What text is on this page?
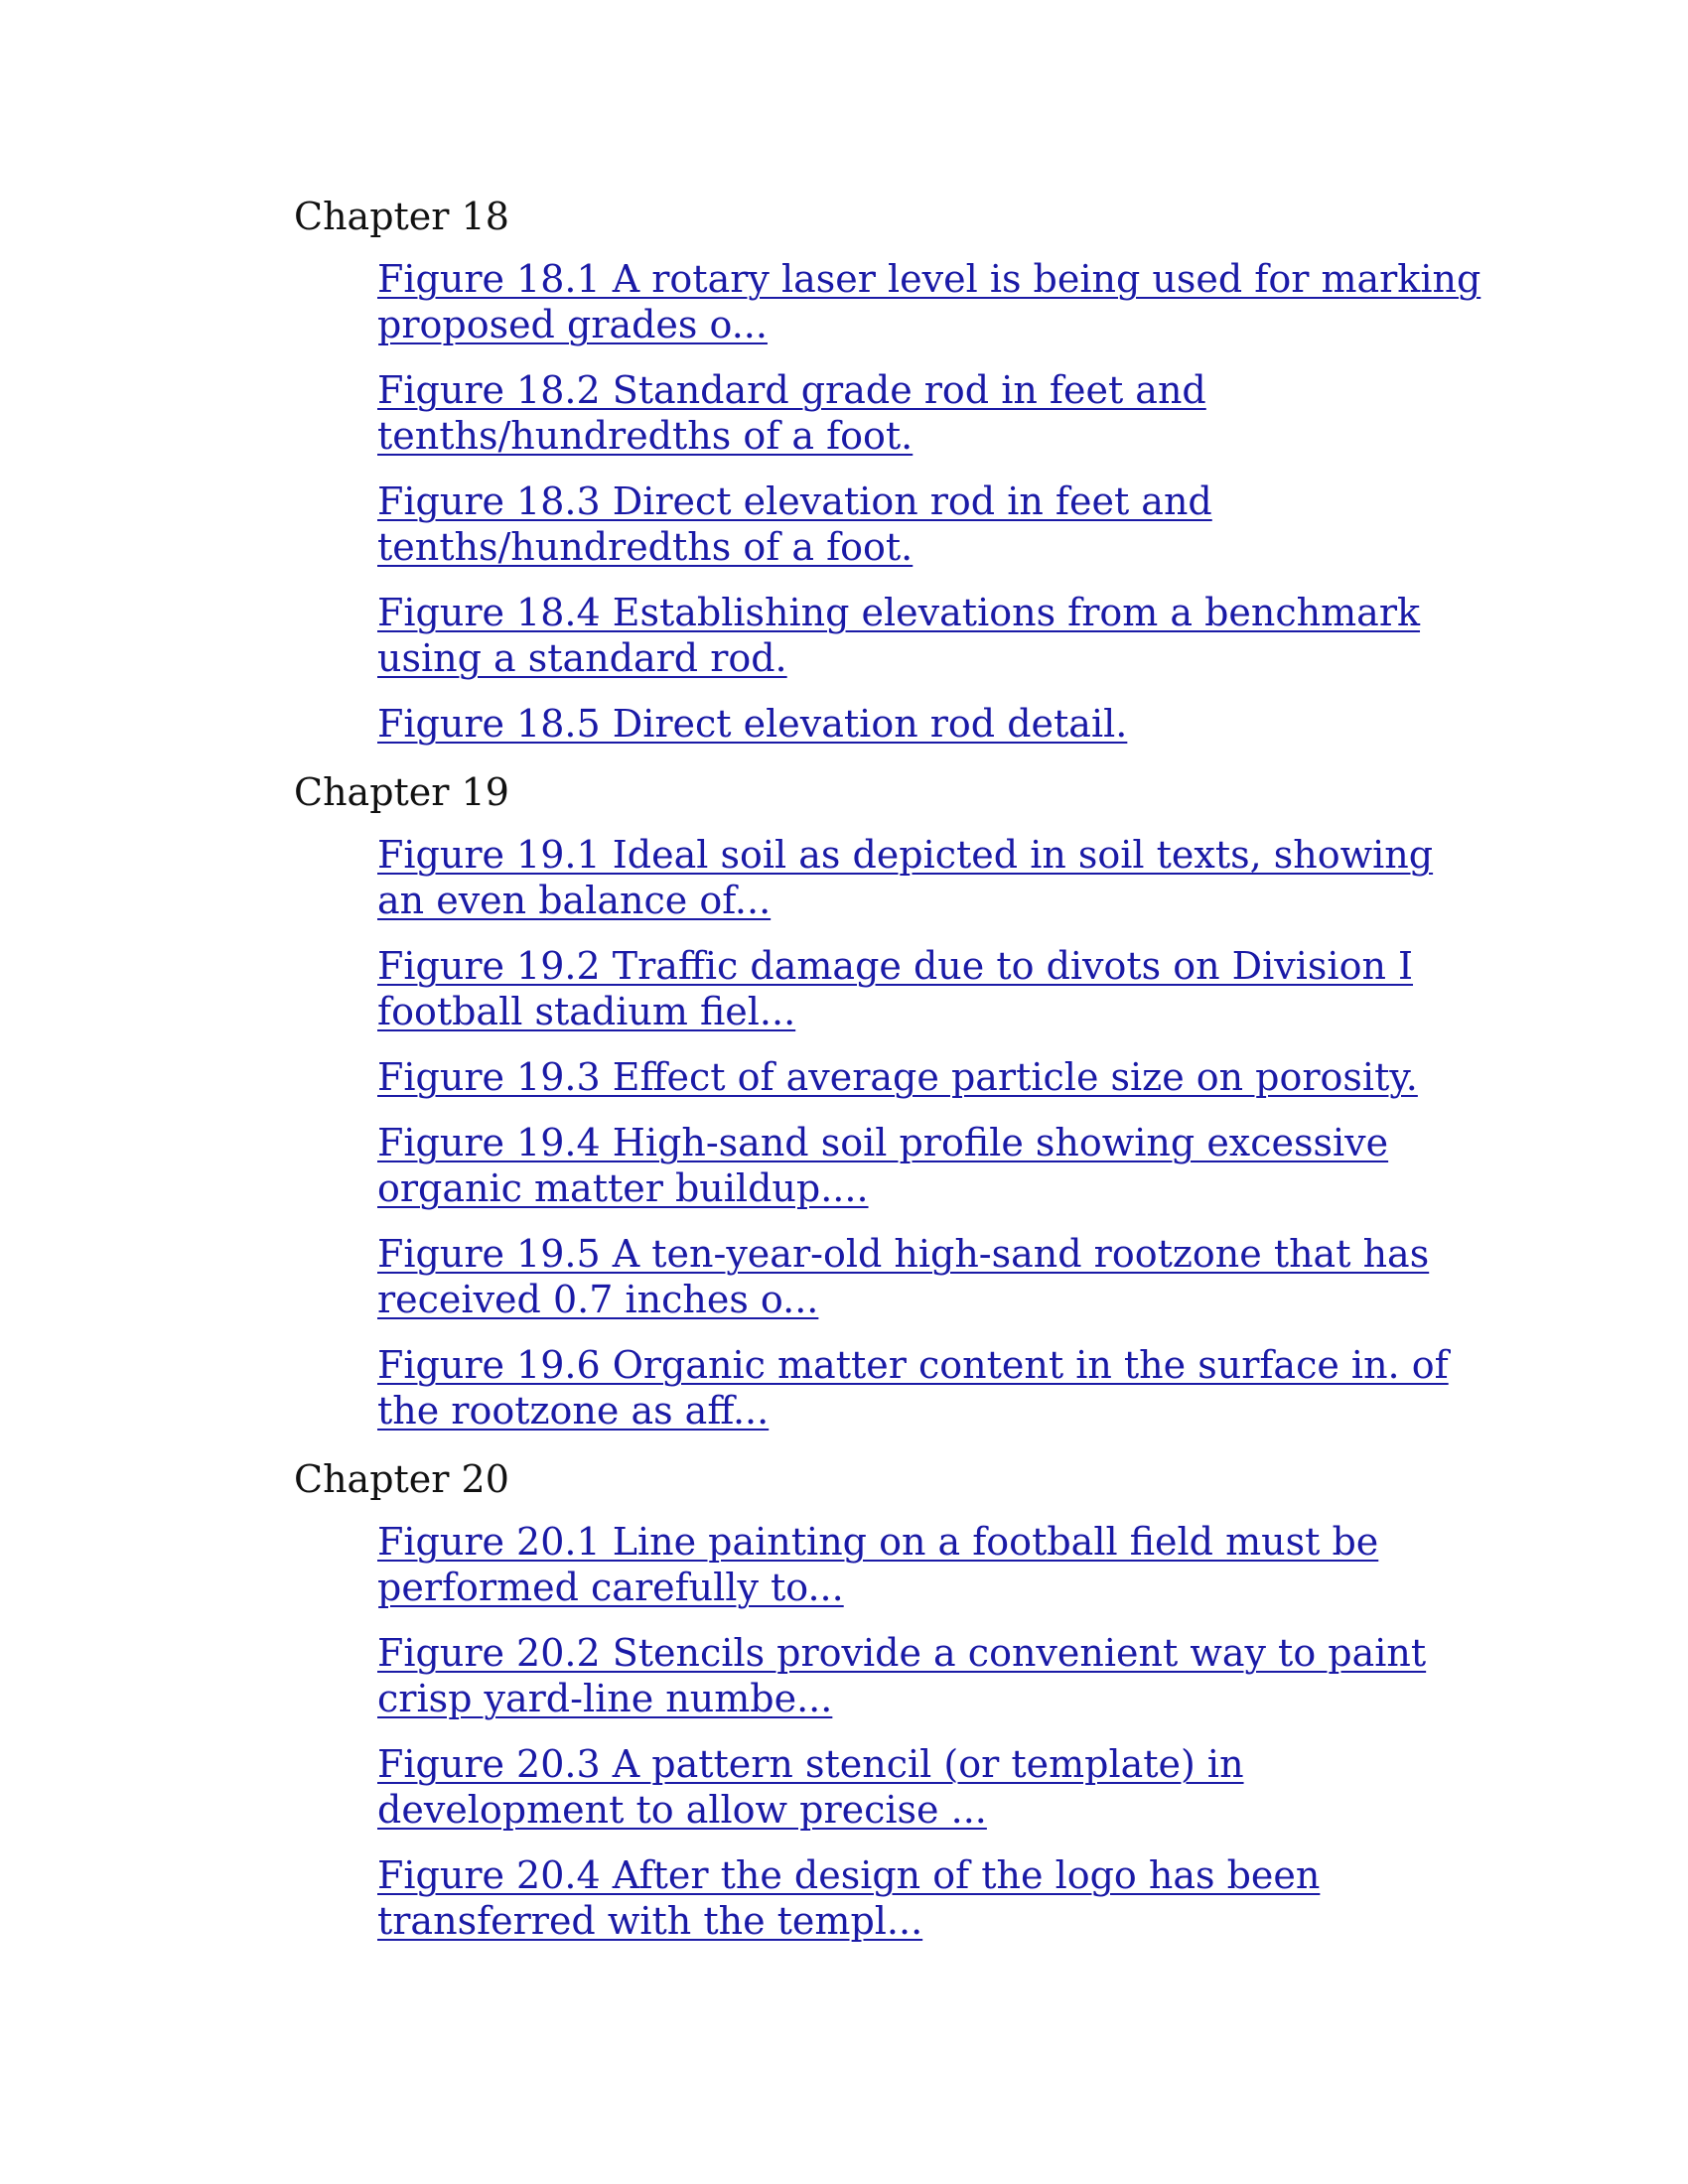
Chapter 18
Figure 18.1 A rotary laser level is being used for marking proposed grades o...
Figure 18.2 Standard grade rod in feet and tenths/hundredths of a foot.
Figure 18.3 Direct elevation rod in feet and tenths/hundredths of a foot.
Figure 18.4 Establishing elevations from a benchmark using a standard rod.
Figure 18.5 Direct elevation rod detail.
Chapter 19
Figure 19.1 Ideal soil as depicted in soil texts, showing an even balance of...
Figure 19.2 Traffic damage due to divots on Division I football stadium fiel...
Figure 19.3 Effect of average particle size on porosity.
Figure 19.4 High-sand soil profile showing excessive organic matter buildup....
Figure 19.5 A ten-year-old high-sand rootzone that has received 0.7 inches o...
Figure 19.6 Organic matter content in the surface in. of the rootzone as aff...
Chapter 20
Figure 20.1 Line painting on a football field must be performed carefully to...
Figure 20.2 Stencils provide a convenient way to paint crisp yard-line numbe...
Figure 20.3 A pattern stencil (or template) in development to allow precise ...
Figure 20.4 After the design of the logo has been transferred with the templ...
